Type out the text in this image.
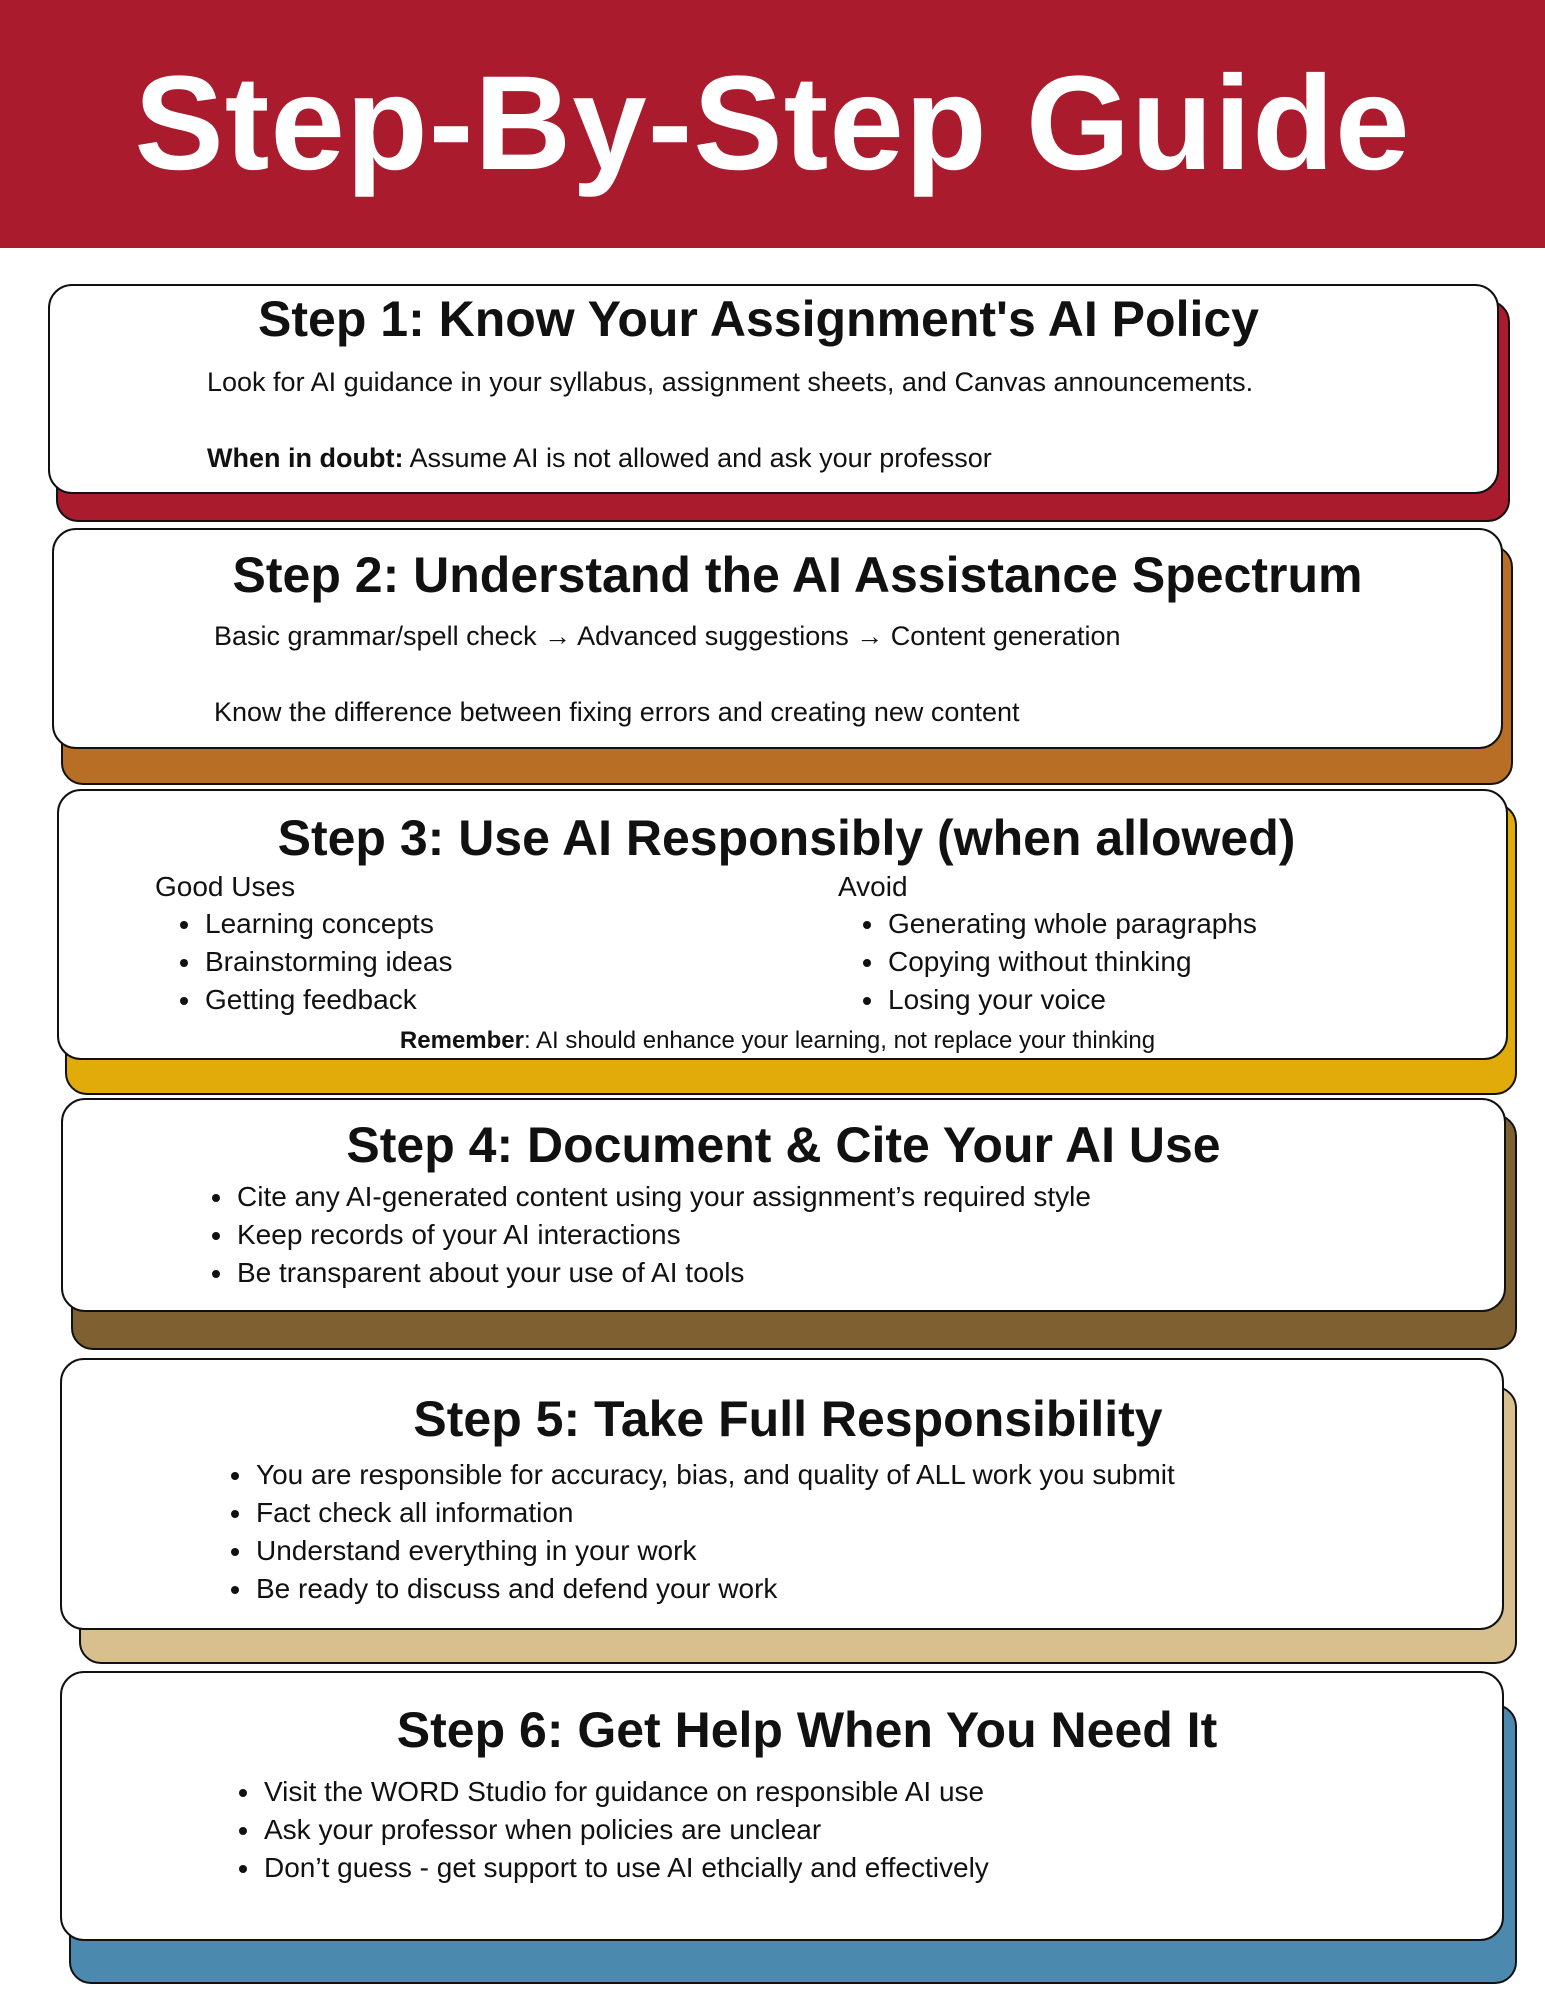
Step-By-Step Guide
Step 1: Know Your Assignment's AI Policy

Look for AI guidance in your syllabus, assignment sheets, and Canvas announcements.

When in doubt: Assume AI is not allowed and ask your professor

Step 2: Understand the AI Assistance Spectrum

Basic grammar/spell check → Advanced suggestions → Content generation

Know the difference between fixing errors and creating new content

Step 3: Use AI Responsibly (when allowed)
Good Uses
• Learning concepts
• Brainstorming ideas
• Getting feedback
Avoid
• Generating whole paragraphs
• Copying without thinking
• Losing your voice
Remember: AI should enhance your learning, not replace your thinking
Step 4: Document & Cite Your AI Use
• Cite any AI-generated content using your assignment’s required style
• Keep records of your AI interactions
• Be transparent about your use of AI tools
Step 5: Take Full Responsibility
• You are responsible for accuracy, bias, and quality of ALL work you submit
• Fact check all information
• Understand everything in your work
• Be ready to discuss and defend your work
Step 6: Get Help When You Need It
• Visit the WORD Studio for guidance on responsible AI use
• Ask your professor when policies are unclear
• Don’t guess - get support to use AI ethcially and effectively
